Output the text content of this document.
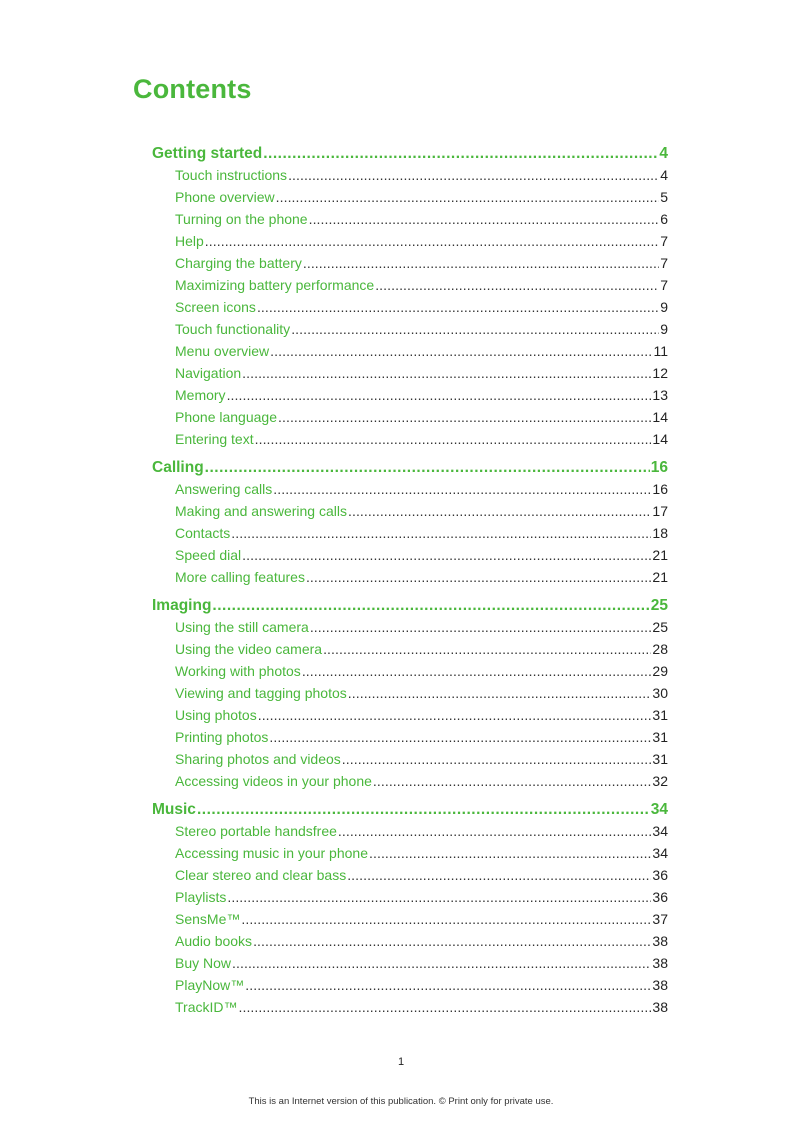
Contents
Getting started . . .	4
Touch instructions . . .	4
Phone overview . . .	5
Turning on the phone . . .	6
Help . . .	7
Charging the battery . . .	7
Maximizing battery performance . . .	7
Screen icons . . .	9
Touch functionality . . .	9
Menu overview . . .	11
Navigation . . .	12
Memory . . .	13
Phone language . . .	14
Entering text . . .	14
Calling . . .	16
Answering calls . . .	16
Making and answering calls . . .	17
Contacts . . .	18
Speed dial . . .	21
More calling features . . .	21
Imaging . . .	25
Using the still camera . . .	25
Using the video camera . . .	28
Working with photos . . .	29
Viewing and tagging photos . . .	30
Using photos . . .	31
Printing photos . . .	31
Sharing photos and videos . . .	31
Accessing videos in your phone . . .	32
Music . . .	34
Stereo portable handsfree . . .	34
Accessing music in your phone . . .	34
Clear stereo and clear bass . . .	36
Playlists . . .	36
SensMe™ . . .	37
Audio books . . .	38
Buy Now . . .	38
PlayNow™ . . .	38
TrackID™ . . .	38
1
This is an Internet version of this publication. © Print only for private use.
